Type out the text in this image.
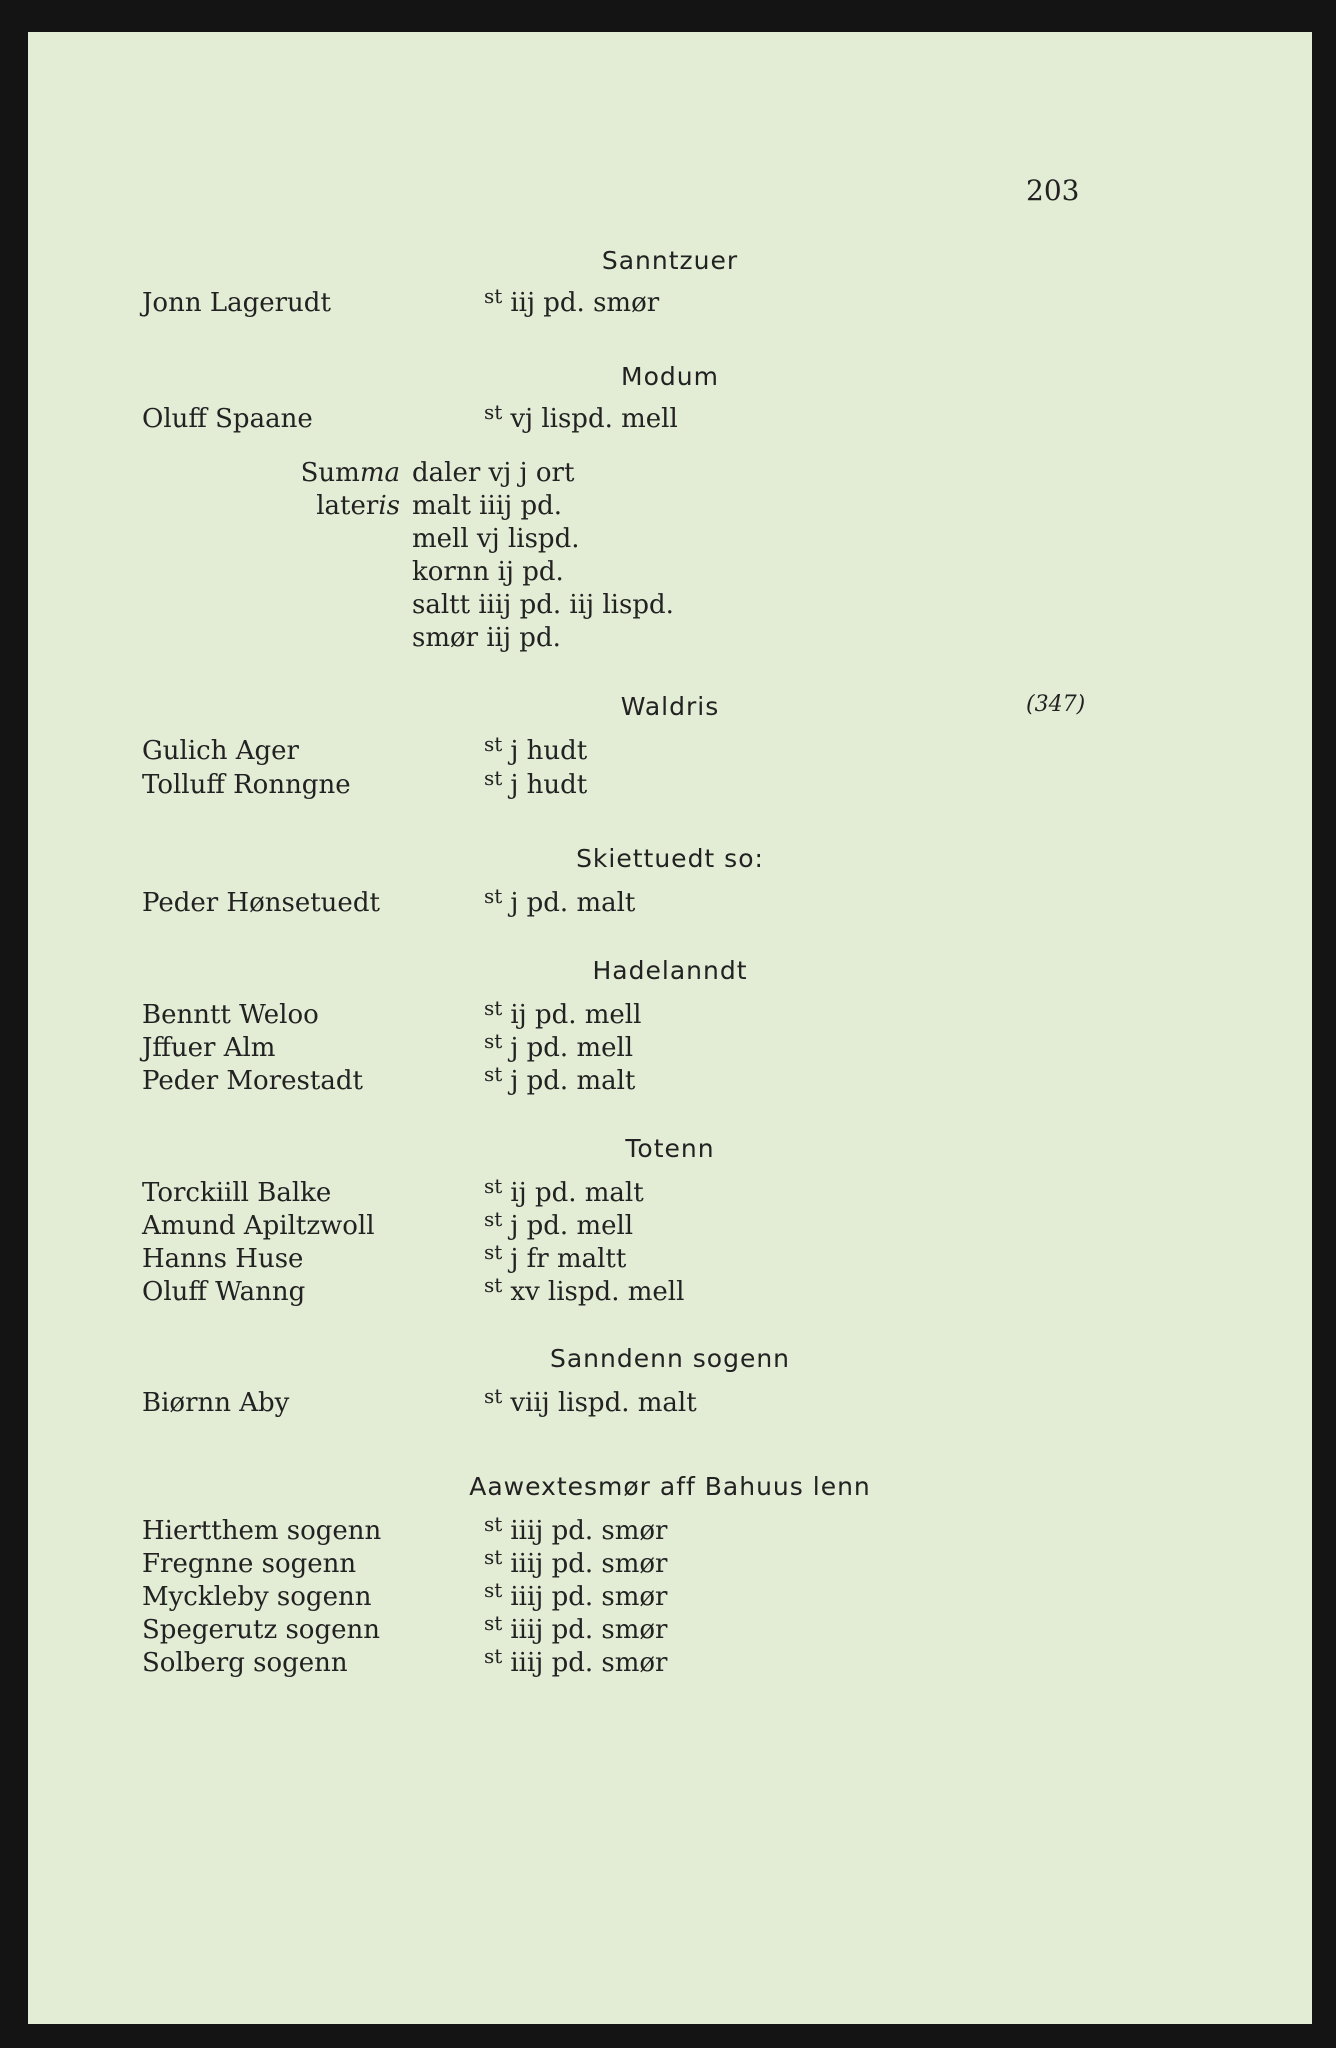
203
(347)
Sanntzuer
Jonn Lagerudt	$^{st}$ iij pd. smør
Modum
Oluff Spaane	$^{st}$ vj lispd. mell
Summa
lateris
daler vj j ort
malt iiij pd.
mell vj lispd.
kornn ij pd.
saltt iiij pd. iij lispd.
smør iij pd.
Waldris
Gulich Ager	$^{st}$ j hudt
Tolluff Ronngne	$^{st}$ j hudt
Skiettuedt so:
Peder Hønsetuedt	$^{st}$ j pd. malt
Hadelanndt
Benntt Weloo	$^{st}$ ij pd. mell
Jffuer Alm	$^{st}$ j pd. mell
Peder Morestadt	$^{st}$ j pd. malt
Totenn
Torckiill Balke	$^{st}$ ij pd. malt
Amund Apiltzwoll	$^{st}$ j pd. mell
Hanns Huse	$^{st}$ j fr maltt
Oluff Wanng	$^{st}$ xv lispd. mell
Sanndenn sogenn
Biørnn Aby	$^{st}$ viij lispd. malt
Aawextesmør aff Bahuus lenn
Hiertthem sogenn	$^{st}$ iiij pd. smør
Fregnne sogenn	$^{st}$ iiij pd. smør
Myckleby sogenn	$^{st}$ iiij pd. smør
Spegerutz sogenn	$^{st}$ iiij pd. smør
Solberg sogenn	$^{st}$ iiij pd. smør
